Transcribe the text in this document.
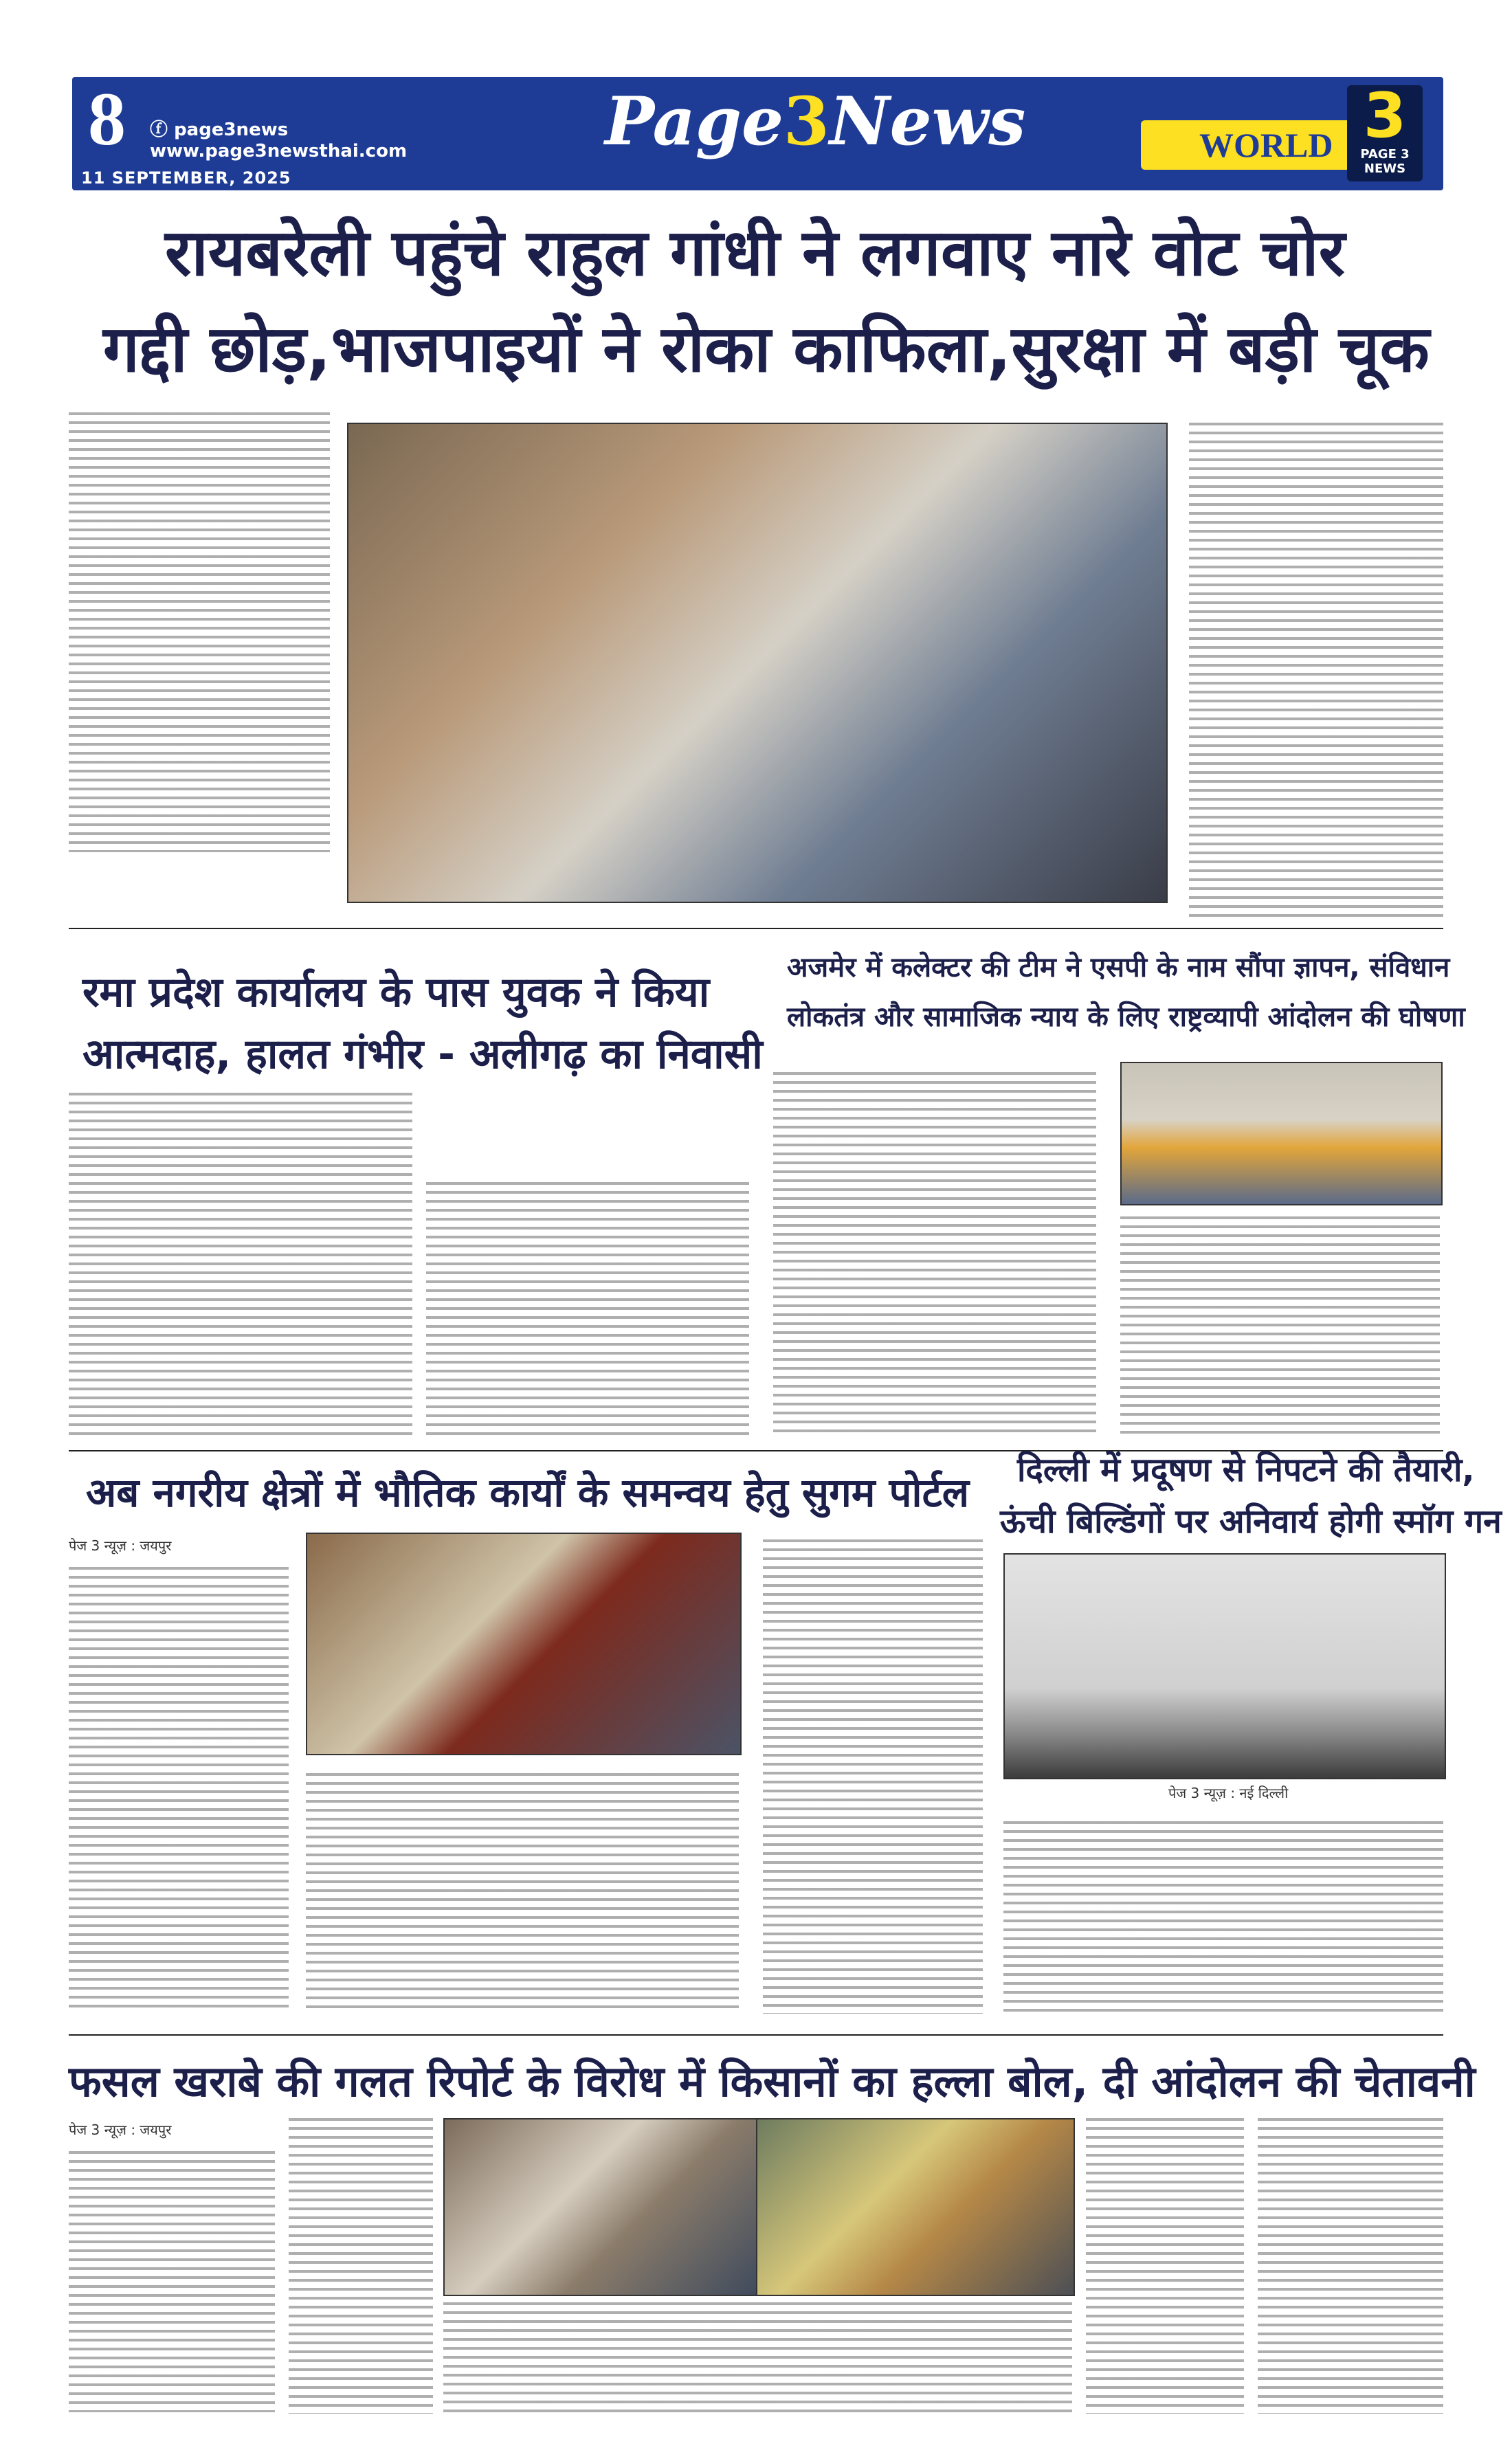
8 ⓕ page3news
www.page3newsthai.com
11 SEPTEMBER, 2025
Page3News	WORLD 3
PAGE 3 NEWS
रायबरेली पहुंचे राहुल गांधी ने लगवाए नारे वोट चोर
गद्दी छोड़,भाजपाइयों ने रोका काफिला,सुरक्षा में बड़ी चूक
रमा प्रदेश कार्यालय के पास युवक ने किया
आत्मदाह, हालत गंभीर - अलीगढ़ का निवासी
अजमेर में कलेक्टर की टीम ने एसपी के नाम सौंपा ज्ञापन, संविधान
लोकतंत्र और सामाजिक न्याय के लिए राष्ट्रव्यापी आंदोलन की घोषणा
अब नगरीय क्षेत्रों में भौतिक कार्यों के समन्वय हेतु सुगम पोर्टल
पेज 3 न्यूज़ : जयपुर
दिल्ली में प्रदूषण से निपटने की तैयारी,
ऊंची बिल्डिंगों पर अनिवार्य होगी स्मॉग गन
पेज 3 न्यूज़ : नई दिल्ली
फसल खराबे की गलत रिपोर्ट के विरोध में किसानों का हल्ला बोल, दी आंदोलन की चेतावनी
पेज 3 न्यूज़ : जयपुर
